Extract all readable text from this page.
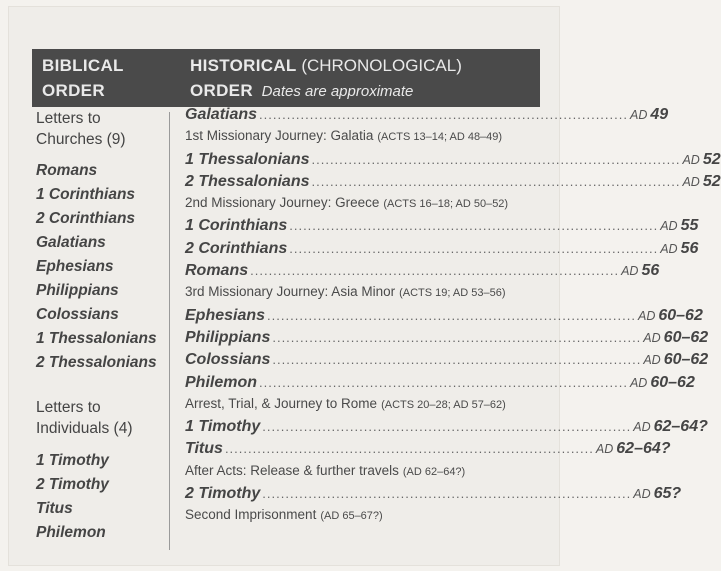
BIBLICAL
ORDER
HISTORICAL (CHRONOLOGICAL)
ORDER Dates are approximate
Letters to
Churches (9)
Romans
1 Corinthians
2 Corinthians
Galatians
Ephesians
Philippians
Colossians
1 Thessalonians
2 Thessalonians
Letters to
Individuals (4)
1 Timothy
2 Timothy
Titus
Philemon
Galatians ................................................................................ AD 49
1st Missionary Journey: Galatia (ACTS 13–14; AD 48–49)
1 Thessalonians ................................................................................ AD 52
2 Thessalonians ................................................................................ AD 52
2nd Missionary Journey: Greece (ACTS 16–18; AD 50–52)
1 Corinthians ................................................................................ AD 55
2 Corinthians ................................................................................ AD 56
Romans ................................................................................ AD 56
3rd Missionary Journey: Asia Minor (ACTS 19; AD 53–56)
Ephesians ................................................................................ AD 60–62
Philippians ................................................................................ AD 60–62
Colossians ................................................................................ AD 60–62
Philemon ................................................................................ AD 60–62
Arrest, Trial, & Journey to Rome (ACTS 20–28; AD 57–62)
1 Timothy ................................................................................ AD 62–64?
Titus ................................................................................ AD 62–64?
After Acts: Release & further travels (AD 62–64?)
2 Timothy ................................................................................ AD 65?
Second Imprisonment (AD 65–67?)
